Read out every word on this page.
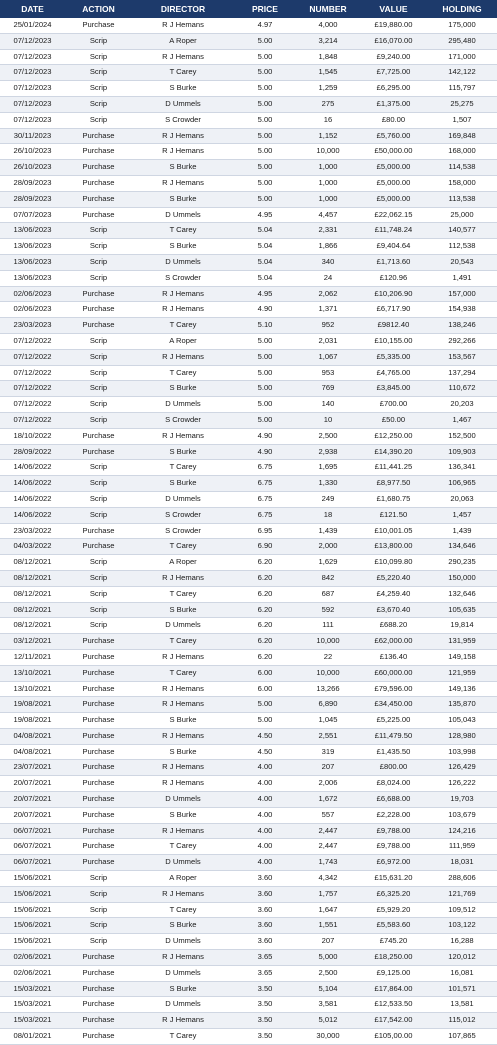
DATE	ACTION	DIRECTOR	PRICE	NUMBER	VALUE	HOLDING
25/01/2024	Purchase	R J Hemans	4.97	4,000	£19,880.00	175,000
07/12/2023	Scrip	A Roper	5.00	3,214	£16,070.00	295,480
07/12/2023	Scrip	R J Hemans	5.00	1,848	£9,240.00	171,000
07/12/2023	Scrip	T Carey	5.00	1,545	£7,725.00	142,122
07/12/2023	Scrip	S Burke	5.00	1,259	£6,295.00	115,797
07/12/2023	Scrip	D Ummels	5.00	275	£1,375.00	25,275
07/12/2023	Scrip	S Crowder	5.00	16	£80.00	1,507
30/11/2023	Purchase	R J Hemans	5.00	1,152	£5,760.00	169,848
26/10/2023	Purchase	R J Hemans	5.00	10,000	£50,000.00	168,000
26/10/2023	Purchase	S Burke	5.00	1,000	£5,000.00	114,538
28/09/2023	Purchase	R J Hemans	5.00	1,000	£5,000.00	158,000
28/09/2023	Purchase	S Burke	5.00	1,000	£5,000.00	113,538
07/07/2023	Purchase	D Ummels	4.95	4,457	£22,062.15	25,000
13/06/2023	Scrip	T Carey	5.04	2,331	£11,748.24	140,577
13/06/2023	Scrip	S Burke	5.04	1,866	£9,404.64	112,538
13/06/2023	Scrip	D Ummels	5.04	340	£1,713.60	20,543
13/06/2023	Scrip	S Crowder	5.04	24	£120.96	1,491
02/06/2023	Purchase	R J Hemans	4.95	2,062	£10,206.90	157,000
02/06/2023	Purchase	R J Hemans	4.90	1,371	£6,717.90	154,938
23/03/2023	Purchase	T Carey	5.10	952	£9812.40	138,246
07/12/2022	Scrip	A Roper	5.00	2,031	£10,155.00	292,266
07/12/2022	Scrip	R J Hemans	5.00	1,067	£5,335.00	153,567
07/12/2022	Scrip	T Carey	5.00	953	£4,765.00	137,294
07/12/2022	Scrip	S Burke	5.00	769	£3,845.00	110,672
07/12/2022	Scrip	D Ummels	5.00	140	£700.00	20,203
07/12/2022	Scrip	S Crowder	5.00	10	£50.00	1,467
18/10/2022	Purchase	R J Hemans	4.90	2,500	£12,250.00	152,500
28/09/2022	Purchase	S Burke	4.90	2,938	£14,390.20	109,903
14/06/2022	Scrip	T Carey	6.75	1,695	£11,441.25	136,341
14/06/2022	Scrip	S Burke	6.75	1,330	£8,977.50	106,965
14/06/2022	Scrip	D Ummels	6.75	249	£1,680.75	20,063
14/06/2022	Scrip	S Crowder	6.75	18	£121.50	1,457
23/03/2022	Purchase	S Crowder	6.95	1,439	£10,001.05	1,439
04/03/2022	Purchase	T Carey	6.90	2,000	£13,800.00	134,646
08/12/2021	Scrip	A Roper	6.20	1,629	£10,099.80	290,235
08/12/2021	Scrip	R J Hemans	6.20	842	£5,220.40	150,000
08/12/2021	Scrip	T Carey	6.20	687	£4,259.40	132,646
08/12/2021	Scrip	S Burke	6.20	592	£3,670.40	105,635
08/12/2021	Scrip	D Ummels	6.20	111	£688.20	19,814
03/12/2021	Purchase	T Carey	6.20	10,000	£62,000.00	131,959
12/11/2021	Purchase	R J Hemans	6.20	22	£136.40	149,158
13/10/2021	Purchase	T Carey	6.00	10,000	£60,000.00	121,959
13/10/2021	Purchase	R J Hemans	6.00	13,266	£79,596.00	149,136
19/08/2021	Purchase	R J Hemans	5.00	6,890	£34,450.00	135,870
19/08/2021	Purchase	S Burke	5.00	1,045	£5,225.00	105,043
04/08/2021	Purchase	R J Hemans	4.50	2,551	£11,479.50	128,980
04/08/2021	Purchase	S Burke	4.50	319	£1,435.50	103,998
23/07/2021	Purchase	R J Hemans	4.00	207	£800.00	126,429
20/07/2021	Purchase	R J Hemans	4.00	2,006	£8,024.00	126,222
20/07/2021	Purchase	D Ummels	4.00	1,672	£6,688.00	19,703
20/07/2021	Purchase	S Burke	4.00	557	£2,228.00	103,679
06/07/2021	Purchase	R J Hemans	4.00	2,447	£9,788.00	124,216
06/07/2021	Purchase	T Carey	4.00	2,447	£9,788.00	111,959
06/07/2021	Purchase	D Ummels	4.00	1,743	£6,972.00	18,031
15/06/2021	Scrip	A Roper	3.60	4,342	£15,631.20	288,606
15/06/2021	Scrip	R J Hemans	3.60	1,757	£6,325.20	121,769
15/06/2021	Scrip	T Carey	3.60	1,647	£5,929.20	109,512
15/06/2021	Scrip	S Burke	3.60	1,551	£5,583.60	103,122
15/06/2021	Scrip	D Ummels	3.60	207	£745.20	16,288
02/06/2021	Purchase	R J Hemans	3.65	5,000	£18,250.00	120,012
02/06/2021	Purchase	D Ummels	3.65	2,500	£9,125.00	16,081
15/03/2021	Purchase	S Burke	3.50	5,104	£17,864.00	101,571
15/03/2021	Purchase	D Ummels	3.50	3,581	£12,533.50	13,581
15/03/2021	Purchase	R J Hemans	3.50	5,012	£17,542.00	115,012
08/01/2021	Purchase	T Carey	3.50	30,000	£105,00.00	107,865
